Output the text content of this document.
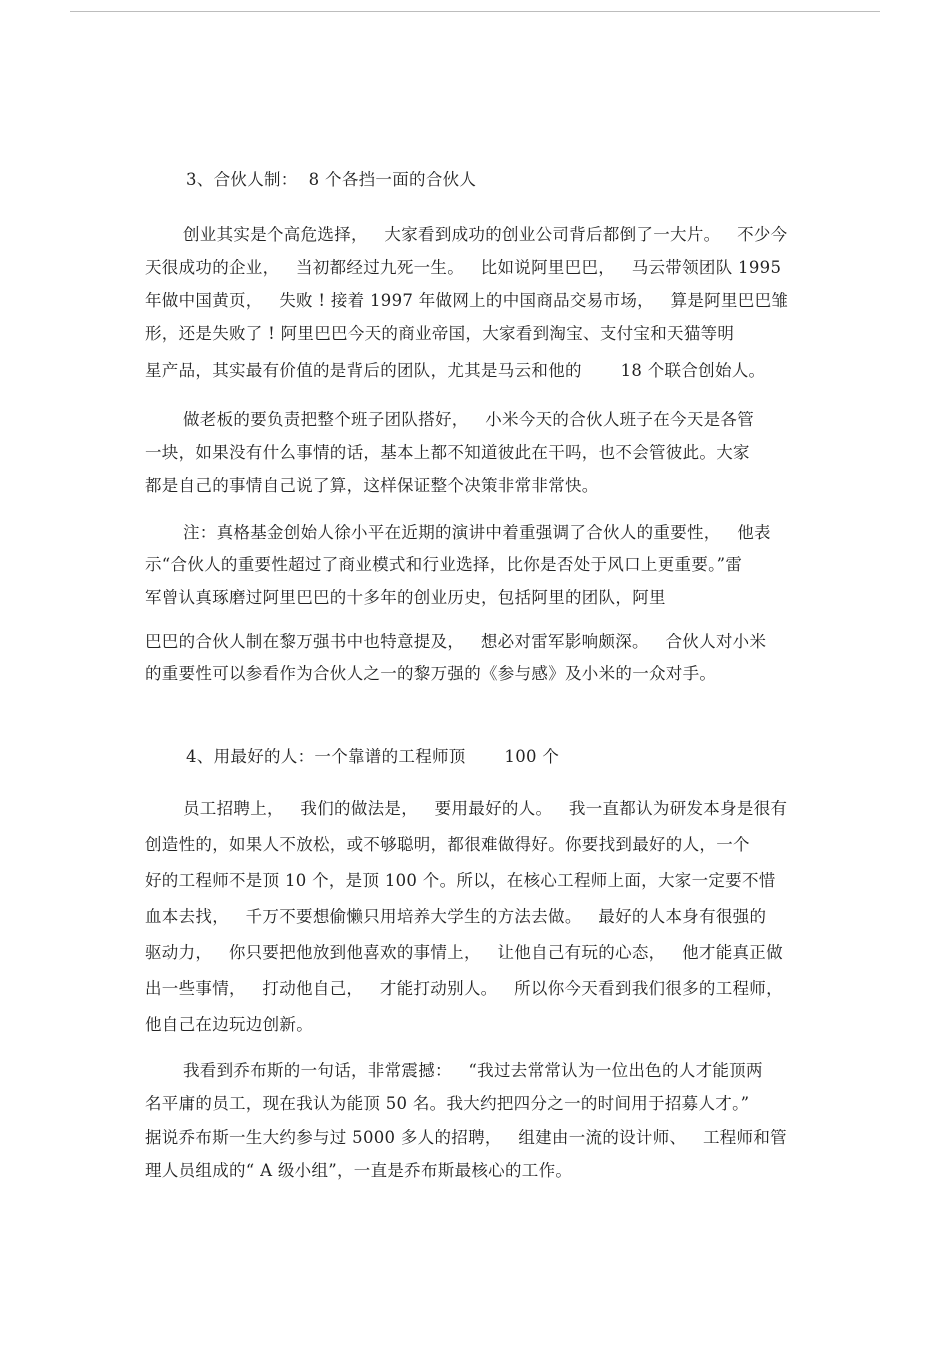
3、合伙人制：  8 个各挡一面的合伙人
创业其实是个高危选择，   大家看到成功的创业公司背后都倒了一大片。   不少今
天很成功的企业，   当初都经过九死一生。   比如说阿里巴巴，   马云带领团队 1995
年做中国黄页，   失败 ! 接着 1997 年做网上的中国商品交易市场，   算是阿里巴巴雏
形，还是失败了 ! 阿里巴巴今天的商业帝国，大家看到淘宝、支付宝和天猫等明
星产品，其实最有价值的是背后的团队，尤其是马云和他的       18 个联合创始人。
做老板的要负责把整个班子团队搭好，   小米今天的合伙人班子在今天是各管
一块，如果没有什么事情的话，基本上都不知道彼此在干吗，也不会管彼此。大家
都是自己的事情自己说了算，这样保证整个决策非常非常快。
注：真格基金创始人徐小平在近期的演讲中着重强调了合伙人的重要性，   他表
示“合伙人的重要性超过了商业模式和行业选择，比你是否处于风口上更重要。”雷
军曾认真琢磨过阿里巴巴的十多年的创业历史，包括阿里的团队，阿里
巴巴的合伙人制在黎万强书中也特意提及，   想必对雷军影响颇深。   合伙人对小米
的重要性可以参看作为合伙人之一的黎万强的《参与感》及小米的一众对手。
4、用最好的人：一个靠谱的工程师顶       100 个
员工招聘上，   我们的做法是，   要用最好的人。   我一直都认为研发本身是很有
创造性的，如果人不放松，或不够聪明，都很难做得好。你要找到最好的人，一个
好的工程师不是顶 10 个，是顶 100 个。所以，在核心工程师上面，大家一定要不惜
血本去找，   千万不要想偷懒只用培养大学生的方法去做。   最好的人本身有很强的
驱动力，   你只要把他放到他喜欢的事情上，   让他自己有玩的心态，   他才能真正做
出一些事情，   打动他自己，   才能打动别人。   所以你今天看到我们很多的工程师，
他自己在边玩边创新。
我看到乔布斯的一句话，非常震撼：   “我过去常常认为一位出色的人才能顶两
名平庸的员工，现在我认为能顶 50 名。我大约把四分之一的时间用于招募人才。”
据说乔布斯一生大约参与过 5000 多人的招聘，   组建由一流的设计师、   工程师和管
理人员组成的“ A 级小组”，一直是乔布斯最核心的工作。
